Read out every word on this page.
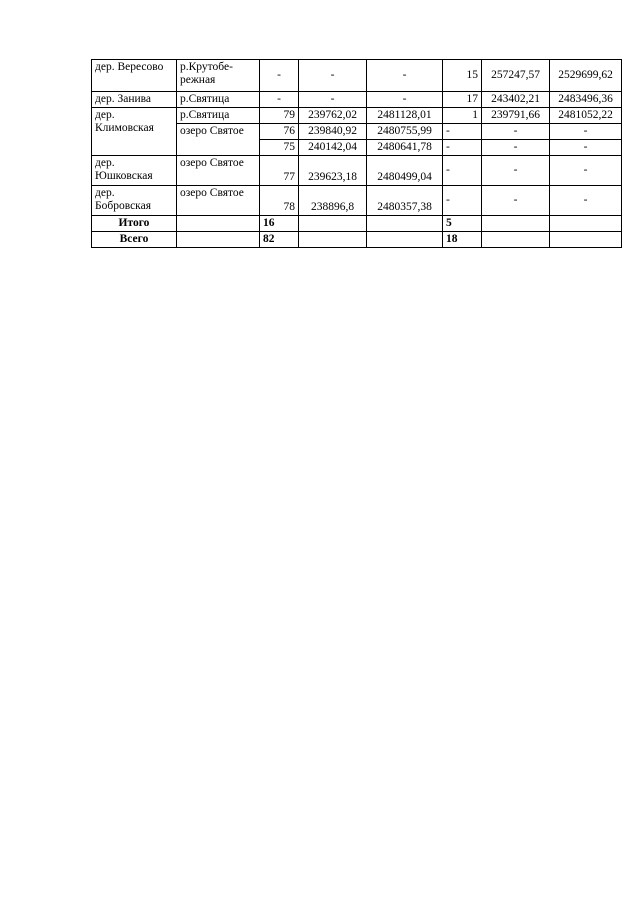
дер. Вересово	р.Крутобе-режная	-	-	-	15	257247,57	2529699,62
дер. Занива	р.Святица	-	-	-	17	243402,21	2483496,36
дер. Климовская	р.Святица	79	239762,02	2481128,01	1	239791,66	2481052,22
	озеро Святое	76	239840,92	2480755,99	-	-	-
		75	240142,04	2480641,78	-	-	-
дер. Юшковская	озеро Святое	77	239623,18	2480499,04	-	-	-
дер. Бобровская	озеро Святое	78	238896,8	2480357,38	-	-	-
Итого		16			5		
Всего		82			18		
